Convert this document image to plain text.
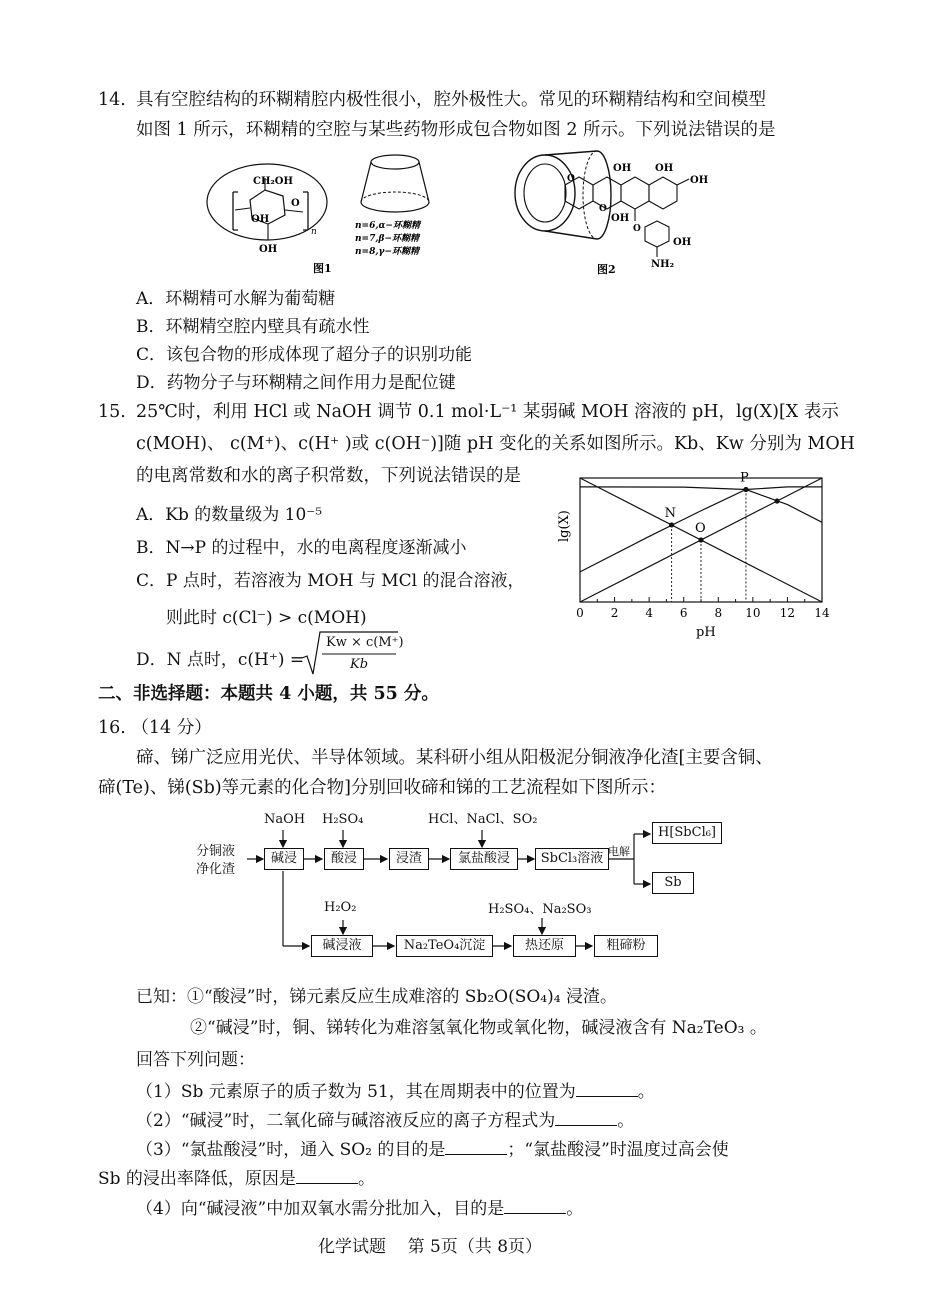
14. 具有空腔结构的环糊精腔内极性很小，腔外极性大。常见的环糊精结构和空间模型
如图 1 所示，环糊精的空腔与某些药物形成包合物如图 2 所示。下列说法错误的是
CH₂OH
OH
OH
O
n
n=6,α−环糊精
n=7,β−环糊精
n=8,γ−环糊精
图1
OH OH
OH
OH
OH
NH₂
O
O
O
图2
A．环糊精可水解为葡萄糖
B．环糊精空腔内壁具有疏水性
C．该包合物的形成体现了超分子的识别功能
D．药物分子与环糊精之间作用力是配位键
15. 25℃时，利用 HCl 或 NaOH 调节 0.1 mol·L⁻¹ 某弱碱 MOH 溶液的 pH，lg(X)[X 表示
c(MOH)、 c(M⁺)、c(H⁺ )或 c(OH⁻)]随 pH 变化的关系如图所示。Kb、Kw 分别为 MOH
的电离常数和水的离子积常数，下列说法错误的是
A．Kb 的数量级为 10⁻⁵
B．N→P 的过程中，水的电离程度逐渐减小
C．P 点时，若溶液为 MOH 与 MCl 的混合溶液，
则此时 c(Cl⁻) > c(MOH)
D．N 点时，c(H⁺) =
Kw × c(M⁺)
Kb
0 2 4 6 8 10 12 14
P
N
O
lg(X)
pH
二、非选择题：本题共 4 小题，共 55 分。
16. （14 分）
碲、锑广泛应用光伏、半导体领域。某科研小组从阳极泥分铜液净化渣[主要含铜、
碲(Te)、锑(Sb)等元素的化合物]分别回收碲和锑的工艺流程如下图所示：
分铜液
净化渣
NaOH H₂SO₄	HCl、NaCl、SO₂
碱浸	酸浸	浸渣	氯盐酸浸	SbCl₃溶液 电解
H[SbCl₆]
Sb
H₂O₂	H₂SO₄、Na₂SO₃
碱浸液	Na₂TeO₄沉淀	热还原	粗碲粉
已知：①“酸浸”时，锑元素反应生成难溶的 Sb₂O(SO₄)₄ 浸渣。
②“碱浸”时，铜、锑转化为难溶氢氧化物或氧化物，碱浸液含有 Na₂TeO₃ 。
回答下列问题：
（1）Sb 元素原子的质子数为 51，其在周期表中的位置为	。
（2）“碱浸”时，二氧化碲与碱溶液反应的离子方程式为	。
（3）“氯盐酸浸”时，通入 SO₂ 的目的是	；“氯盐酸浸”时温度过高会使
Sb 的浸出率降低，原因是	。
（4）向“碱浸液”中加双氧水需分批加入，目的是	。
化学试题    第 5页（共 8页）
